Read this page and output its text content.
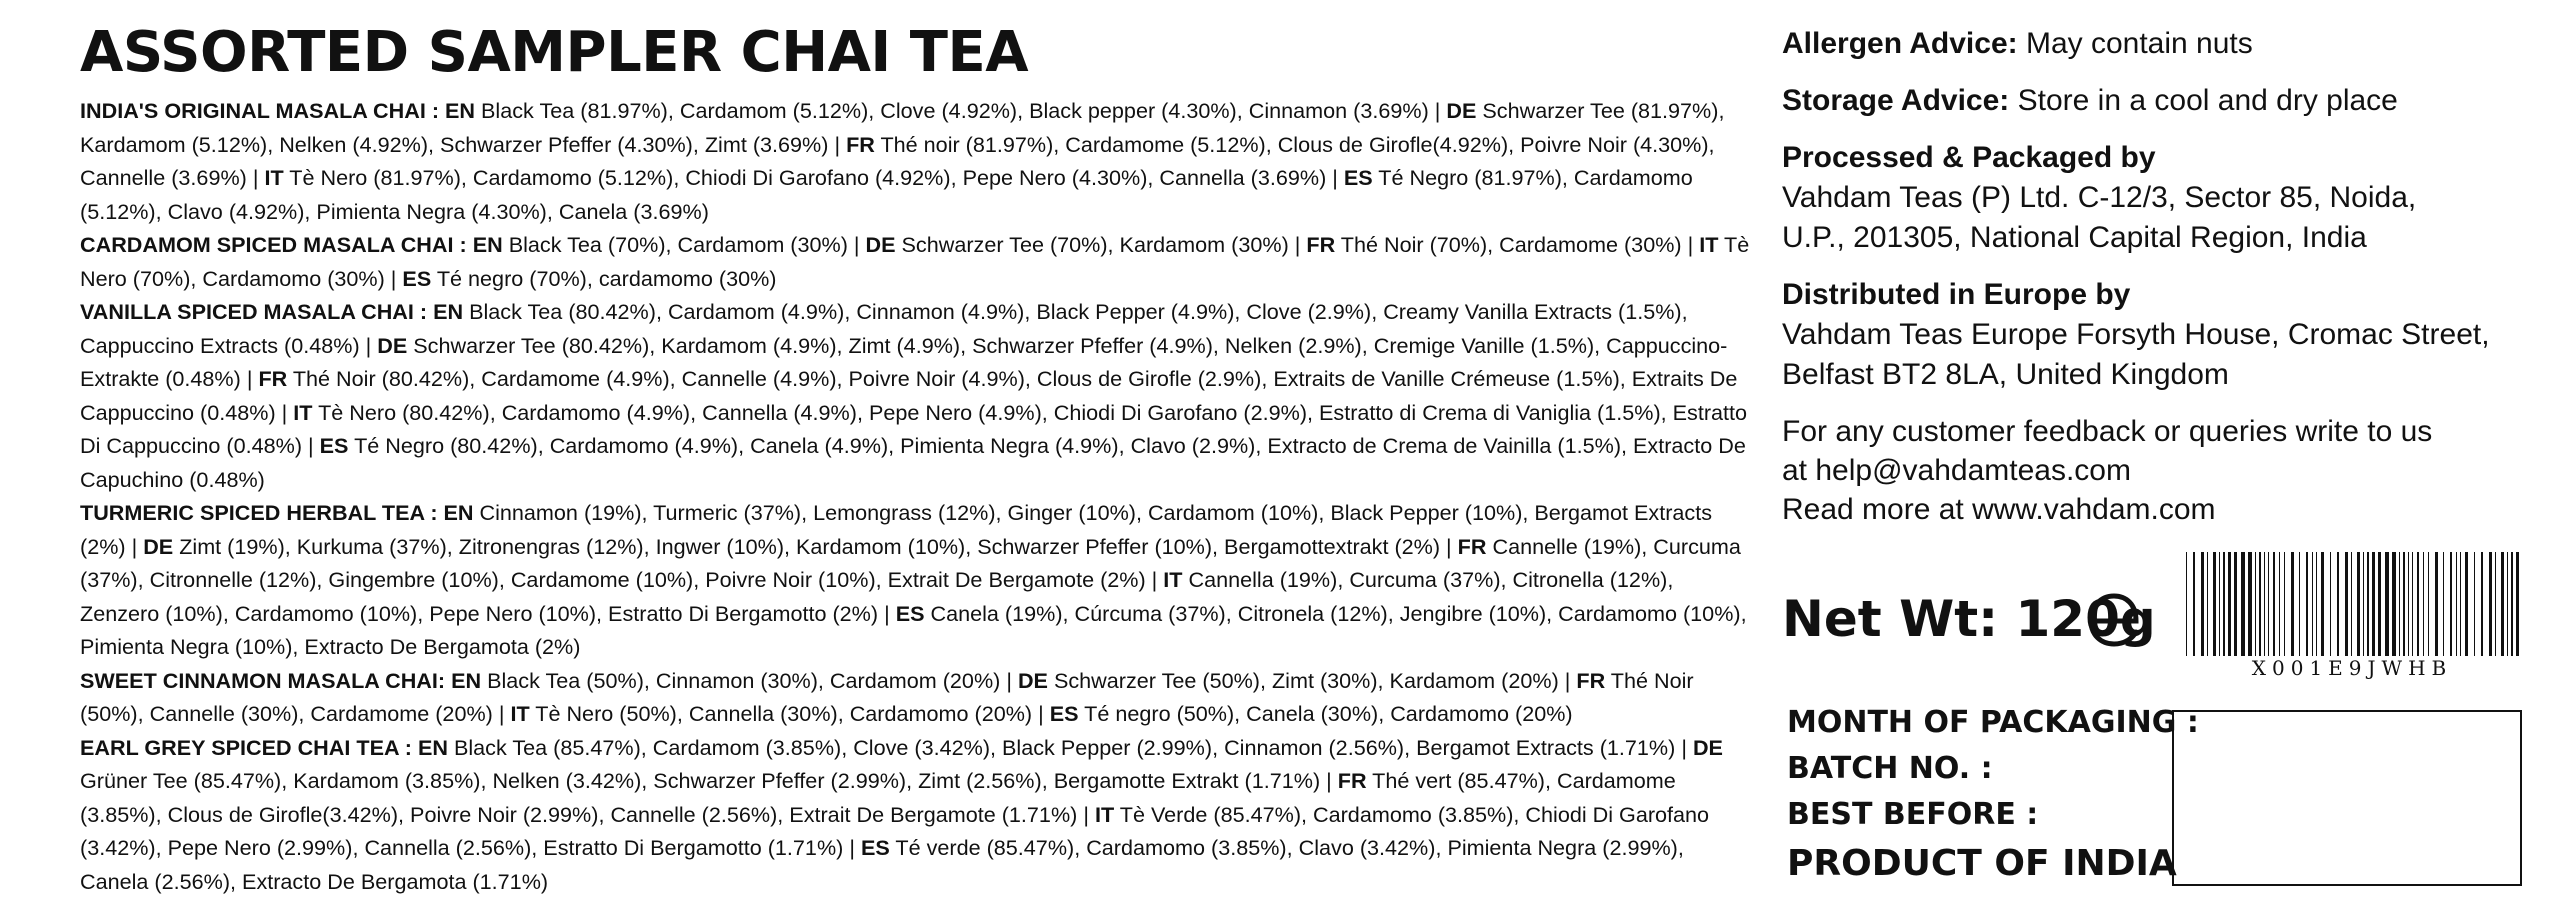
ASSORTED SAMPLER CHAI TEA

INDIA'S ORIGINAL MASALA CHAI : EN Black Tea (81.97%), Cardamom (5.12%), Clove (4.92%), Black pepper (4.30%), Cinnamon (3.69%) | DE Schwarzer Tee (81.97%), Kardamom (5.12%), Nelken (4.92%), Schwarzer Pfeffer (4.30%), Zimt (3.69%) | FR Thé noir (81.97%), Cardamome (5.12%), Clous de Girofle(4.92%), Poivre Noir (4.30%), Cannelle (3.69%) | IT Tè Nero (81.97%), Cardamomo (5.12%), Chiodi Di Garofano (4.92%), Pepe Nero (4.30%), Cannella (3.69%) | ES Té Negro (81.97%), Cardamomo (5.12%), Clavo (4.92%), Pimienta Negra (4.30%), Canela (3.69%)

CARDAMOM SPICED MASALA CHAI : EN Black Tea (70%), Cardamom (30%) | DE Schwarzer Tee (70%), Kardamom (30%) | FR Thé Noir (70%), Cardamome (30%) | IT Tè Nero (70%), Cardamomo (30%) | ES Té negro (70%), cardamomo (30%)

VANILLA SPICED MASALA CHAI : EN Black Tea (80.42%), Cardamom (4.9%), Cinnamon (4.9%), Black Pepper (4.9%), Clove (2.9%), Creamy Vanilla Extracts (1.5%), Cappuccino Extracts (0.48%) | DE Schwarzer Tee (80.42%), Kardamom (4.9%), Zimt (4.9%), Schwarzer Pfeffer (4.9%), Nelken (2.9%), Cremige Vanille (1.5%), Cappuccino-Extrakte (0.48%) | FR Thé Noir (80.42%), Cardamome (4.9%), Cannelle (4.9%), Poivre Noir (4.9%), Clous de Girofle (2.9%), Extraits de Vanille Crémeuse (1.5%), Extraits De Cappuccino (0.48%) | IT Tè Nero (80.42%), Cardamomo (4.9%), Cannella (4.9%), Pepe Nero (4.9%), Chiodi Di Garofano (2.9%), Estratto di Crema di Vaniglia (1.5%), Estratto Di Cappuccino (0.48%) | ES Té Negro (80.42%), Cardamomo (4.9%), Canela (4.9%), Pimienta Negra (4.9%), Clavo (2.9%), Extracto de Crema de Vainilla (1.5%), Extracto De Capuchino (0.48%)

TURMERIC SPICED HERBAL TEA : EN Cinnamon (19%), Turmeric (37%), Lemongrass (12%), Ginger (10%), Cardamom (10%), Black Pepper (10%), Bergamot Extracts (2%) | DE Zimt (19%), Kurkuma (37%), Zitronengras (12%), Ingwer (10%), Kardamom (10%), Schwarzer Pfeffer (10%), Bergamottextrakt (2%) | FR Cannelle (19%), Curcuma (37%), Citronnelle (12%), Gingembre (10%), Cardamome (10%), Poivre Noir (10%), Extrait De Bergamote (2%) | IT Cannella (19%), Curcuma (37%), Citronella (12%), Zenzero (10%), Cardamomo (10%), Pepe Nero (10%), Estratto Di Bergamotto (2%) | ES Canela (19%), Cúrcuma (37%), Citronela (12%), Jengibre (10%), Cardamomo (10%), Pimienta Negra (10%), Extracto De Bergamota (2%)

SWEET CINNAMON MASALA CHAI: EN Black Tea (50%), Cinnamon (30%), Cardamom (20%) | DE Schwarzer Tee (50%), Zimt (30%), Kardamom (20%) | FR Thé Noir (50%), Cannelle (30%), Cardamome (20%) | IT Tè Nero (50%), Cannella (30%), Cardamomo (20%) | ES Té negro (50%), Canela (30%), Cardamomo (20%)

EARL GREY SPICED CHAI TEA : EN Black Tea (85.47%), Cardamom (3.85%), Clove (3.42%), Black Pepper (2.99%), Cinnamon (2.56%), Bergamot Extracts (1.71%) | DE Grüner Tee (85.47%), Kardamom (3.85%), Nelken (3.42%), Schwarzer Pfeffer (2.99%), Zimt (2.56%), Bergamotte Extrakt (1.71%) | FR Thé vert (85.47%), Cardamome (3.85%), Clous de Girofle(3.42%), Poivre Noir (2.99%), Cannelle (2.56%), Extrait De Bergamote (1.71%) | IT Tè Verde (85.47%), Cardamomo (3.85%), Chiodi Di Garofano (3.42%), Pepe Nero (2.99%), Cannella (2.56%), Estratto Di Bergamotto (1.71%) | ES Té verde (85.47%), Cardamomo (3.85%), Clavo (3.42%), Pimienta Negra (2.99%), Canela (2.56%), Extracto De Bergamota (1.71%)

Allergen Advice: May contain nuts

Storage Advice: Store in a cool and dry place

Processed & Packaged by

Vahdam Teas (P) Ltd. C-12/3, Sector 85, Noida,
U.P., 201305, National Capital Region, India

Distributed in Europe by

Vahdam Teas Europe Forsyth House, Cromac Street,
Belfast BT2 8LA, United Kingdom
For any customer feedback or queries write to us
at help@vahdamteas.com
Read more at www.vahdam.com
Net Wt: 120g
X001E9JWHB

MONTH OF PACKAGING :

BATCH NO. :

BEST BEFORE :

PRODUCT OF INDIA
